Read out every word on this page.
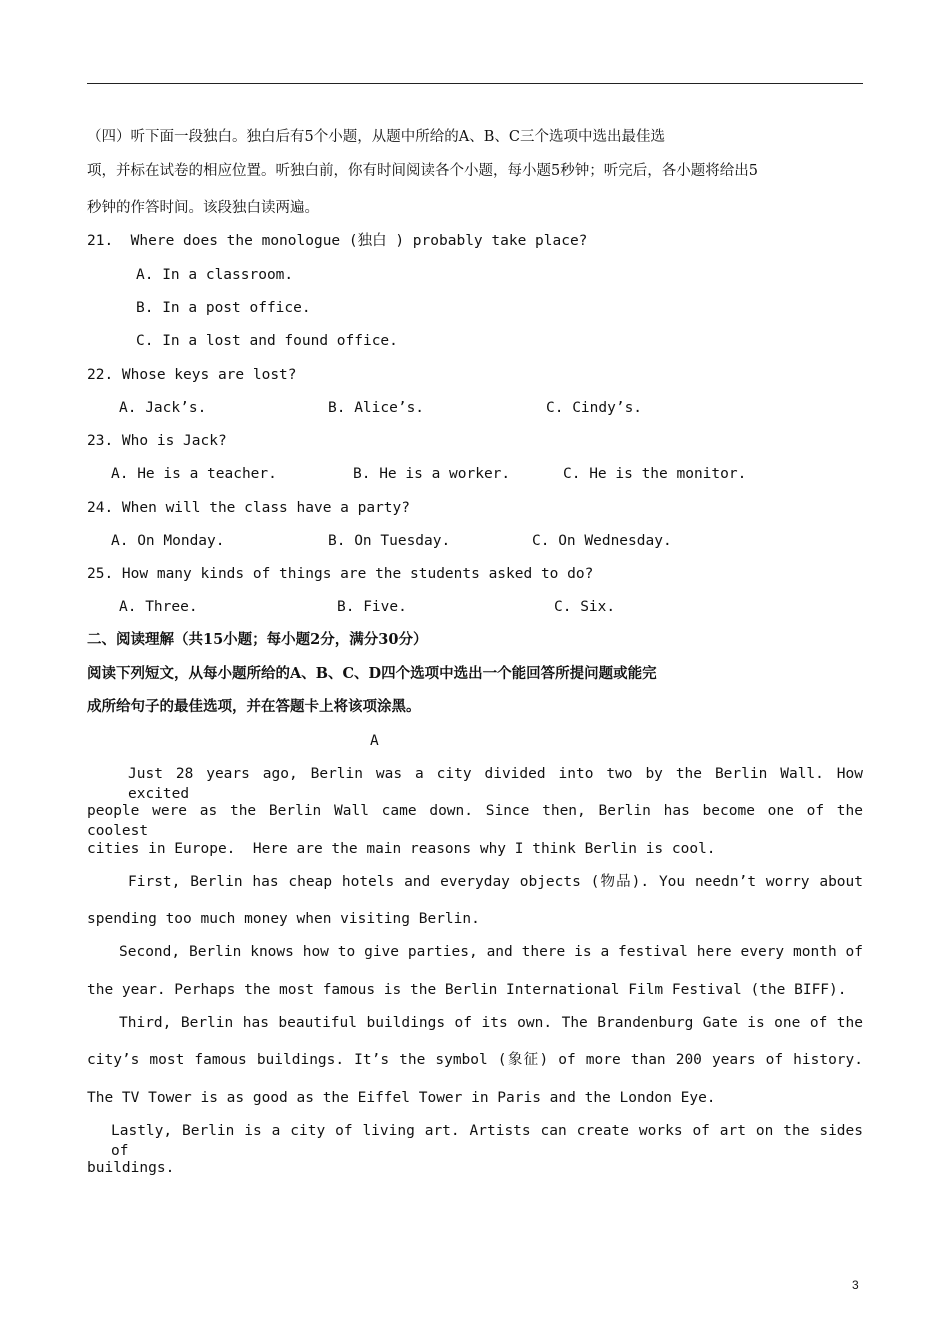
（四）听下面一段独白。独白后有5个小题，从题中所给的A、B、C三个选项中选出最佳选
项，并标在试卷的相应位置。听独白前，你有时间阅读各个小题，每小题5秒钟；听完后，各小题将给出5
秒钟的作答时间。该段独白读两遍。
21.  Where does the monologue (独白 ) probably take place?
A. In a classroom.
B. In a post office.
C. In a lost and found office.
22. Whose keys are lost?
A. Jack’s.	B. Alice’s.	C. Cindy’s.
23. Who is Jack?
A. He is a teacher.	B. He is a worker.	C. He is the monitor.
24. When will the class have a party?
A. On Monday.	B. On Tuesday.	C. On Wednesday.
25. How many kinds of things are the students asked to do?
A. Three.	B. Five.	C. Six.
二、阅读理解（共15小题；每小题2分，满分30分）
阅读下列短文，从每小题所给的A、B、C、D四个选项中选出一个能回答所提问题或能完
成所给句子的最佳选项，并在答题卡上将该项涂黑。
A
Just 28 years ago, Berlin was a city divided into two by the Berlin Wall. How excited
people were as the Berlin Wall came down. Since then, Berlin has become one of the coolest
cities in Europe.  Here are the main reasons why I think Berlin is cool.
First, Berlin has cheap hotels and everyday objects (物品). You needn’t worry about
spending too much money when visiting Berlin.
Second, Berlin knows how to give parties, and there is a festival here every month of
the year. Perhaps the most famous is the Berlin International Film Festival (the BIFF).
Third, Berlin has beautiful buildings of its own. The Brandenburg Gate is one of the
city’s most famous buildings. It’s the symbol (象征) of more than 200 years of history.
The TV Tower is as good as the Eiffel Tower in Paris and the London Eye.
Lastly, Berlin is a city of living art. Artists can create works of art on the sides of
buildings.
3
